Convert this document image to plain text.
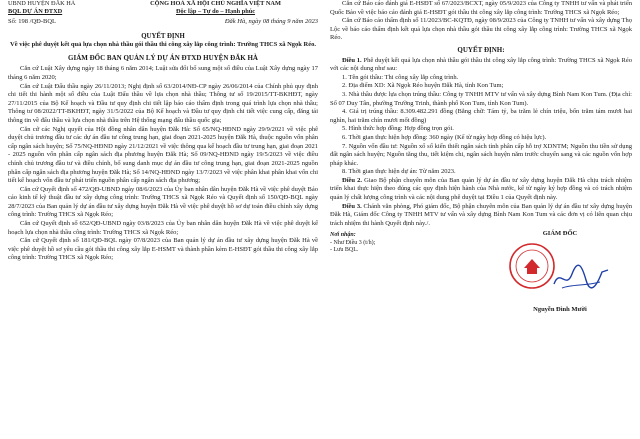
UBND HUYỆN ĐĂK HÀ
BQL DỰ ÁN ĐTXD
CỘNG HOÀ XÃ HỘI CHỦ NGHĨA VIỆT NAM
Độc lập – Tự do – Hạnh phúc
Số: 198 /QĐ-BQL	Đăk Hà, ngày 08 tháng 9 năm 2023
QUYẾT ĐỊNH
Về việc phê duyệt kết quả lựa chọn nhà thầu gói thầu thi công xây lắp công trình: Trường THCS xã Ngọk Réo.
GIÁM ĐỐC BAN QUẢN LÝ DỰ ÁN ĐTXD HUYỆN ĐĂK HÀ

Căn cứ Luật Xây dựng ngày 18 tháng 6 năm 2014; Luật sửa đổi bổ sung một số điều của Luật Xây dựng ngày 17 tháng 6 năm 2020;

Căn cứ Luật Đấu thầu ngày 26/11/2013; Nghị định số 63/2014/NĐ-CP ngày 26/06/2014 của Chính phủ quy định chi tiết thi hành một số điều của Luật Đấu thầu về lựa chọn nhà thầu; Thông tư số 19/2015/TT-BKHĐT, ngày 27/11/2015 của Bộ Kế hoạch và Đầu tư quy định chi tiết lập báo cáo thẩm định trong quá trình lựa chọn nhà thầu; Thông tư 08/2022/TT-BKHĐT, ngày 31/5/2022 của Bộ Kế hoạch và Đầu tư quy định chi tiết việc cung cấp, đăng tải thông tin về đấu thầu và lựa chọn nhà thầu trên Hệ thống mạng đấu thầu quốc gia;

Căn cứ các Nghị quyết của Hội đồng nhân dân huyện Đăk Hà: Số 65/NQ-HĐND ngày 29/9/2021 về việc phê duyệt chủ trương đầu tư các dự án đầu tư công trung hạn, giai đoạn 2021-2025 huyện Đăk Hà, thuộc nguồn vốn phân cấp ngân sách huyện; Số 75/NQ-HĐND ngày 21/12/2021 về việc thông qua kế hoạch đầu tư trung hạn, giai đoạn 2021 - 2025 nguồn vốn phân cấp ngân sách địa phương huyện Đăk Hà; Số 09/NQ-HĐND ngày 19/5/2023 về việc điều chỉnh chủ trương đầu tư và điều chỉnh, bổ sung danh mục dự án đầu tư công trung hạn, giai đoạn 2021-2025 nguồn phân cấp ngân sách địa phương huyện Đăk Hà; Số 14/NQ-HĐND ngày 13/7/2023 về việc phân khai phân khai vốn chi tiết kế hoạch vốn đầu tư phát triển nguồn phân cấp ngân sách địa phương;

Căn cứ Quyết định số 472/QĐ-UBND ngày 08/6/2023 của Ủy ban nhân dân huyện Đăk Hà về việc phê duyệt Báo cáo kinh tế kỹ thuật đầu tư xây dựng công trình: Trường THCS xã Ngọk Réo và Quyết định số 150/QĐ-BQL ngày 28/7/2023 của Ban quản lý dự án đầu tư xây dựng huyện Đăk Hà về việc phê duyệt hồ sơ dự toán điều chỉnh xây dựng công trình: Trường THCS xã Ngọk Réo;

Căn cứ Quyết định số 652/QĐ-UBND ngày 03/8/2023 của Ủy ban nhân dân huyện Đăk Hà về việc phê duyệt kế hoạch lựa chọn nhà thầu công trình: Trường THCS xã Ngọk Réo;

Căn cứ Quyết định số 181/QĐ-BQL ngày 07/8/2023 của Ban quản lý dự án đầu tư xây dựng huyện Đăk Hà về việc phê duyệt hồ sơ yêu cầu gói thầu thi công xây lắp E-HSMT và thành phần kèm E-HSĐT gói thầu thi công xây lắp công trình: Trường THCS xã Ngọk Réo;

Căn cứ Báo cáo đánh giá E-HSĐT số 67/2023/BCXT, ngày 05/9/2023 của Công ty TNHH tư vấn và phát triển Quốc Bảo về việc báo cáo đánh giá E-HSĐT gói thầu thi công xây lắp công trình: Trường THCS xã Ngọk Réo;

Căn cứ Báo cáo thẩm định số 11/2023/BC-KQTĐ, ngày 08/9/2023 của Công ty TNHH tư vấn và xây dựng Thọ Lộc về báo cáo thẩm định kết quả lựa chọn nhà thầu gói thầu thi công xây lắp công trình: Trường THCS xã Ngọk Réo.

QUYẾT ĐỊNH:

Điều 1. Phê duyệt kết quả lựa chọn nhà thầu gói thầu thi công xây lắp công trình: Trường THCS xã Ngọk Réo với các nội dung như sau:

1. Tên gói thầu: Thi công xây lắp công trình.

2. Địa điểm XD: Xã Ngọk Réo huyện Đăk Hà, tỉnh Kon Tum;

3. Nhà thầu được lựa chọn trúng thầu: Công ty TNHH MTV tư vấn và xây dựng Bình Nam Kon Tum. (Địa chỉ: Số 07 Duy Tân, phường Trường Trinh, thành phố Kon Tum, tỉnh Kon Tum).

4. Giá trị trúng thầu: 8.309.482.291 đồng (Bằng chữ: Tám tỷ, ba trăm lẻ chín triệu, bốn trăm tám mươi hai nghìn, hai trăm chín mươi mốt đồng)

5. Hình thức hợp đồng: Hợp đồng trọn gói.

6. Thời gian thực hiện hợp đồng: 360 ngày (Kể từ ngày hợp đồng có hiệu lực).

7. Nguồn vốn đầu tư: Nguồn xổ số kiến thiết ngân sách tỉnh phân cấp hỗ trợ XDNTM; Nguồn thu tiền sử dụng đất ngân sách huyện; Nguồn tăng thu, tiết kiệm chi, ngân sách huyện năm trước chuyển sang và các nguồn vốn hợp pháp khác.

8. Thời gian thực hiện dự án: Từ năm 2023.

Điều 2. Giao Bộ phận chuyên môn của Ban quản lý dự án đầu tư xây dựng huyện Đăk Hà chịu trách nhiệm triển khai thực hiện theo đúng các quy định hiện hành của Nhà nước, kể từ ngày ký hợp đồng và có trách nhiệm quản lý chất lượng công trình và các nội dung phê duyệt tại Điều 1 của Quyết định này.

Điều 3. Chánh văn phòng, Phó giám đốc, Bộ phận chuyên môn của Ban quản lý dự án đầu tư xây dựng huyện Đăk Hà, Giám đốc Công ty TNHH MTV tư vấn và xây dựng Bình Nam Kon Tum và các đơn vị có liên quan chịu trách nhiệm thi hành Quyết định này./.

Nơi nhận:
- Như Điều 3 (t/h);
- Lưu BQL.
GIÁM ĐỐC
Nguyễn Đình Mười
